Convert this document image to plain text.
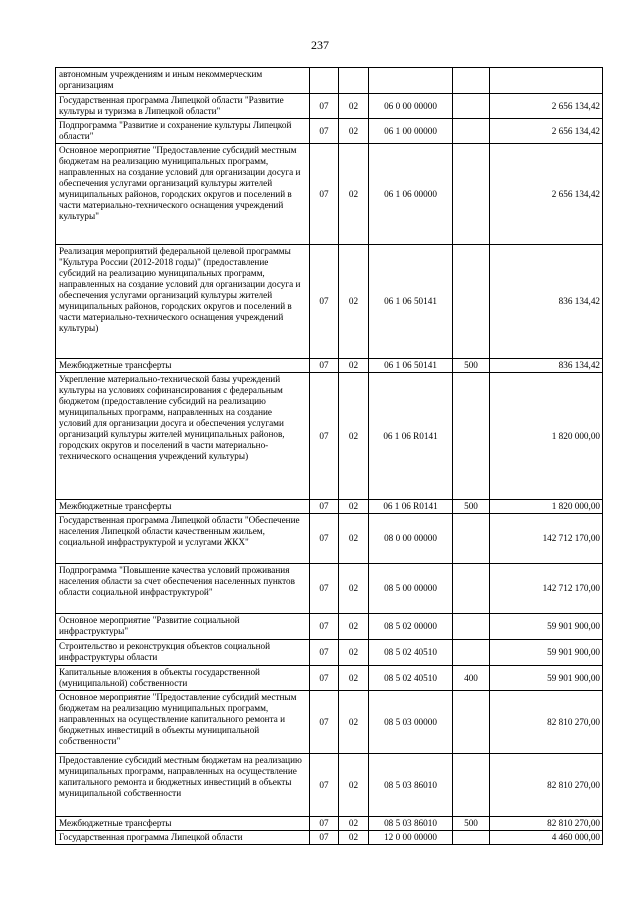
237
автономным учреждениям и иным некоммерческим организациям					
Государственная программа Липецкой области "Развитие культуры и туризма в Липецкой области"	07	02	06 0 00 00000		2 656 134,42
Подпрограмма "Развитие и сохранение культуры Липецкой области"	07	02	06 1 00 00000		2 656 134,42
Основное мероприятие "Предоставление субсидий местным бюджетам на реализацию муниципальных программ, направленных на создание условий для организации досуга и обеспечения услугами организаций культуры жителей муниципальных районов, городских округов и поселений в части материально-технического оснащения учреждений культуры"	07	02	06 1 06 00000		2 656 134,42
Реализация мероприятий федеральной целевой программы "Культура России (2012-2018 годы)" (предоставление субсидий на реализацию муниципальных программ, направленных на создание условий для организации досуга и обеспечения услугами организаций культуры жителей муниципальных районов, городских округов и поселений в части материально-технического оснащения учреждений культуры)	07	02	06 1 06 50141		836 134,42
Межбюджетные трансферты	07	02	06 1 06 50141	500	836 134,42
Укрепление материально-технической базы учреждений культуры на условиях софинансирования с федеральным бюджетом (предоставление субсидий на реализацию муниципальных программ, направленных на создание условий для организации досуга и обеспечения услугами организаций культуры жителей муниципальных районов, городских округов и поселений в части материально-технического оснащения учреждений культуры)	07	02	06 1 06 R0141		1 820 000,00
Межбюджетные трансферты	07	02	06 1 06 R0141	500	1 820 000,00
Государственная программа Липецкой области "Обеспечение населения Липецкой области качественным жильем, социальной инфраструктурой и услугами ЖКХ"	07	02	08 0 00 00000		142 712 170,00
Подпрограмма "Повышение качества условий проживания населения области за счет обеспечения населенных пунктов области социальной инфраструктурой"	07	02	08 5 00 00000		142 712 170,00
Основное мероприятие "Развитие социальной инфраструктуры"	07	02	08 5 02 00000		59 901 900,00
Строительство и реконструкция объектов социальной инфраструктуры области	07	02	08 5 02 40510		59 901 900,00
Капитальные вложения в объекты государственной (муниципальной) собственности	07	02	08 5 02 40510	400	59 901 900,00
Основное мероприятие "Предоставление субсидий местным бюджетам на реализацию муниципальных программ, направленных на осуществление капитального ремонта и бюджетных инвестиций в объекты муниципальной собственности"	07	02	08 5 03 00000		82 810 270,00
Предоставление субсидий местным бюджетам на реализацию муниципальных программ, направленных на осуществление капитального ремонта и бюджетных инвестиций в объекты муниципальной собственности	07	02	08 5 03 86010		82 810 270,00
Межбюджетные трансферты	07	02	08 5 03 86010	500	82 810 270,00
Государственная программа Липецкой области	07	02	12 0 00 00000		4 460 000,00
